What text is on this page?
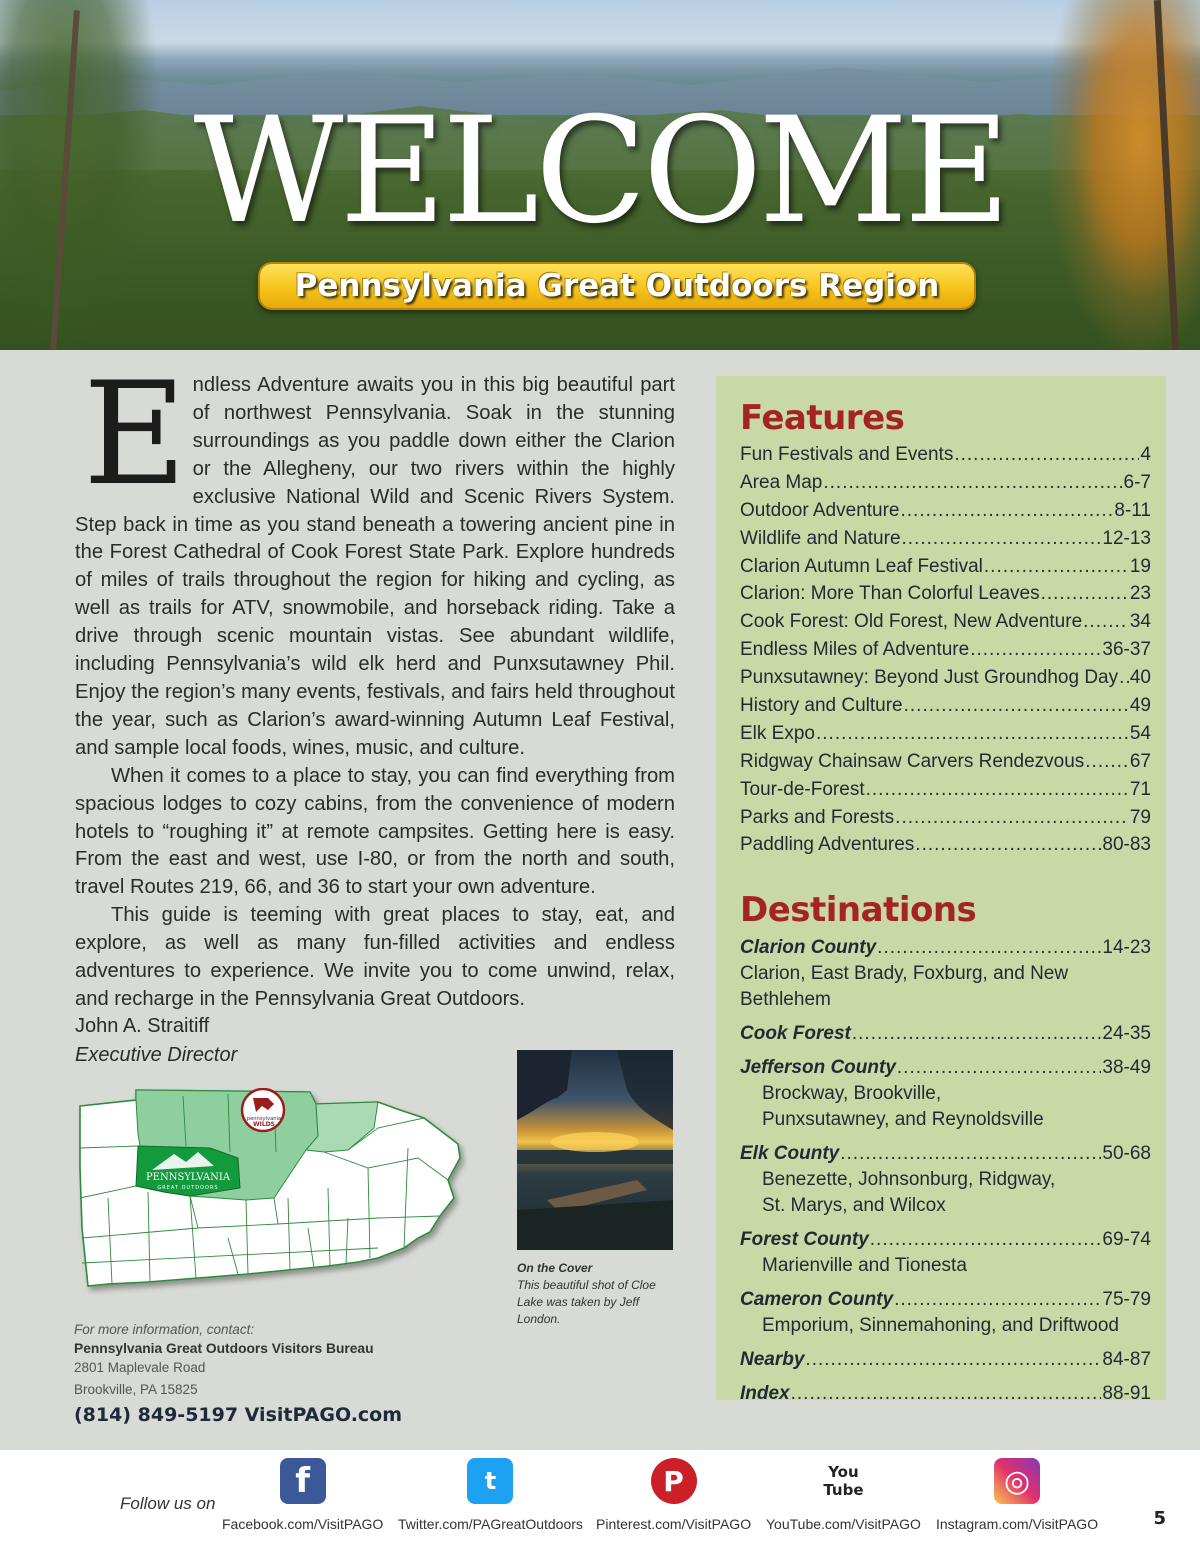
WELCOME
Pennsylvania Great Outdoors Region

Endless Adventure awaits you in this big beautiful part of northwest Pennsylvania. Soak in the stunning surroundings as you paddle down either the Clarion or the Allegheny, our two rivers within the highly exclusive National Wild and Scenic Rivers System. Step back in time as you stand beneath a towering ancient pine in the Forest Cathedral of Cook Forest State Park. Explore hundreds of miles of trails throughout the region for hiking and cycling, as well as trails for ATV, snowmobile, and horseback riding. Take a drive through scenic mountain vistas. See abundant wildlife, including Pennsylvania’s wild elk herd and Punxsutawney Phil. Enjoy the region’s many events, festivals, and fairs held throughout the year, such as Clarion’s award-winning Autumn Leaf Festival, and sample local foods, wines, music, and culture.

When it comes to a place to stay, you can find everything from spacious lodges to cozy cabins, from the convenience of modern hotels to “roughing it” at remote campsites. Getting here is easy. From the east and west, use I-80, or from the north and south, travel Routes 219, 66, and 36 to start your own adventure.

This guide is teeming with great places to stay, eat, and explore, as well as many fun-filled activities and endless adventures to experience. We invite you to come unwind, relax, and recharge in the Pennsylvania Great Outdoors.

John A. Straitiff
Executive Director
PENNSYLVANIA
GREAT OUTDOORS
pennsylvania
WILDS
On the Cover
This beautiful shot of Cloe Lake was taken by Jeff London.
For more information, contact:
Pennsylvania Great Outdoors Visitors Bureau
2801 Maplevale Road
Brookville, PA 15825
(814) 849-5197 VisitPAGO.com
Features
Fun Festivals and Events .....	4
Area Map .....	6-7
Outdoor Adventure .....	8-11
Wildlife and Nature .....	12-13
Clarion Autumn Leaf Festival .....	19
Clarion: More Than Colorful Leaves .....	23
Cook Forest: Old Forest, New Adventure .....	34
Endless Miles of Adventure .....	36-37
Punxsutawney: Beyond Just Groundhog Day ..... 40
History and Culture .....	49
Elk Expo .....	54
Ridgway Chainsaw Carvers Rendezvous ..... 67
Tour-de-Forest .....	71
Parks and Forests .....	79
Paddling Adventures .....	80-83
Destinations
Clarion County .....	14-23
Clarion, East Brady, Foxburg, and New Bethlehem
Cook Forest .....	24-35
Jefferson County .....	38-49
Brockway, Brookville,
Punxsutawney, and Reynoldsville
Elk County .....	50-68
Benezette, Johnsonburg, Ridgway,
St. Marys, and Wilcox
Forest County .....	69-74
Marienville and Tionesta
Cameron County .....	75-79
Emporium, Sinnemahoning, and Driftwood
Nearby .....	84-87
Index .....	88-91
Follow us on
f
Facebook.com/VisitPAGO
t
Twitter.com/PAGreatOutdoors
P
Pinterest.com/VisitPAGO
You Tube
YouTube.com/VisitPAGO
◎
Instagram.com/VisitPAGO	5
